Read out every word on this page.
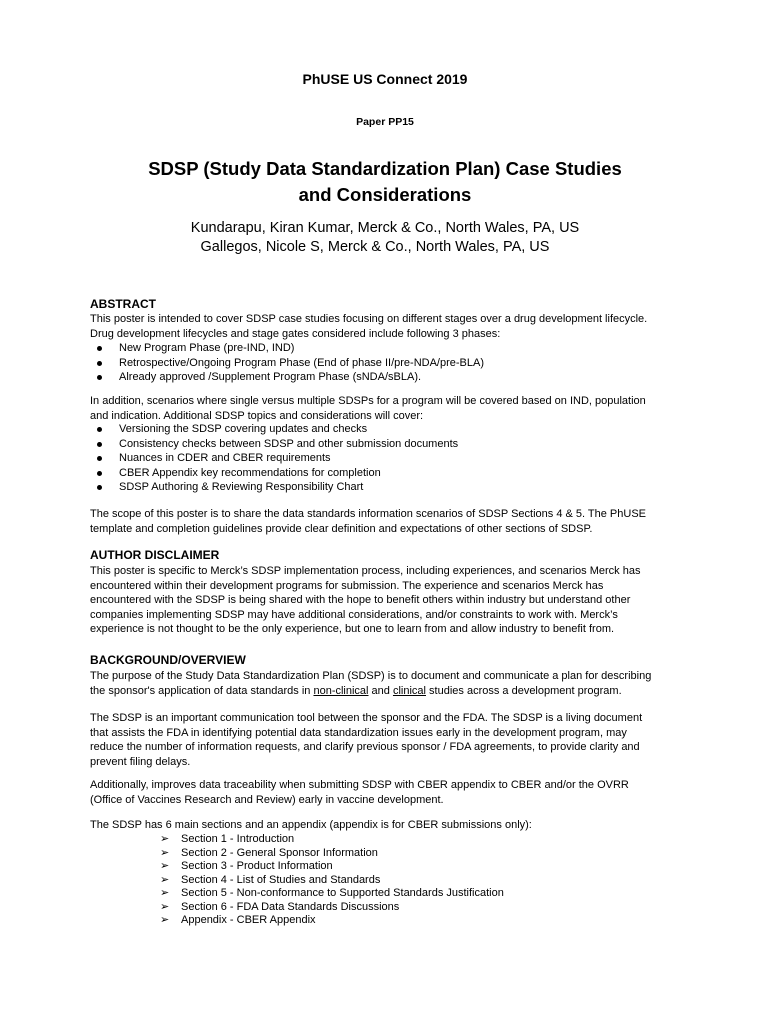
PhUSE US Connect 2019
Paper PP15
SDSP (Study Data Standardization Plan) Case Studies
and Considerations
Kundarapu, Kiran Kumar, Merck & Co., North Wales, PA, US
Gallegos, Nicole S, Merck & Co., North Wales, PA, US
ABSTRACT
This poster is intended to cover SDSP case studies focusing on different stages over a drug development lifecycle.
Drug development lifecycles and stage gates considered include following 3 phases:
New Program Phase (pre-IND, IND)
Retrospective/Ongoing Program Phase (End of phase II/pre-NDA/pre-BLA)
Already approved /Supplement Program Phase (sNDA/sBLA).
In addition, scenarios where single versus multiple SDSPs for a program will be covered based on IND, population
and indication. Additional SDSP topics and considerations will cover:
Versioning the SDSP covering updates and checks
Consistency checks between SDSP and other submission documents
Nuances in CDER and CBER requirements
CBER Appendix key recommendations for completion
SDSP Authoring & Reviewing Responsibility Chart
The scope of this poster is to share the data standards information scenarios of SDSP Sections 4 & 5. The PhUSE
template and completion guidelines provide clear definition and expectations of other sections of SDSP.
AUTHOR DISCLAIMER
This poster is specific to Merck’s SDSP implementation process, including experiences, and scenarios Merck has
encountered within their development programs for submission. The experience and scenarios Merck has
encountered with the SDSP is being shared with the hope to benefit others within industry but understand other
companies implementing SDSP may have additional considerations, and/or constraints to work with. Merck’s
experience is not thought to be the only experience, but one to learn from and allow industry to benefit from.
BACKGROUND/OVERVIEW
The purpose of the Study Data Standardization Plan (SDSP) is to document and communicate a plan for describing
the sponsor's application of data standards in non-clinical and clinical studies across a development program.
The SDSP is an important communication tool between the sponsor and the FDA. The SDSP is a living document
that assists the FDA in identifying potential data standardization issues early in the development program, may
reduce the number of information requests, and clarify previous sponsor / FDA agreements, to provide clarity and
prevent filing delays.
Additionally, improves data traceability when submitting SDSP with CBER appendix to CBER and/or the OVRR
(Office of Vaccines Research and Review) early in vaccine development.
The SDSP has 6 main sections and an appendix (appendix is for CBER submissions only):
➢ Section 1 - Introduction
➢ Section 2 - General Sponsor Information
➢ Section 3 - Product Information
➢ Section 4 - List of Studies and Standards
➢ Section 5 - Non-conformance to Supported Standards Justification
➢ Section 6 - FDA Data Standards Discussions
➢ Appendix - CBER Appendix
